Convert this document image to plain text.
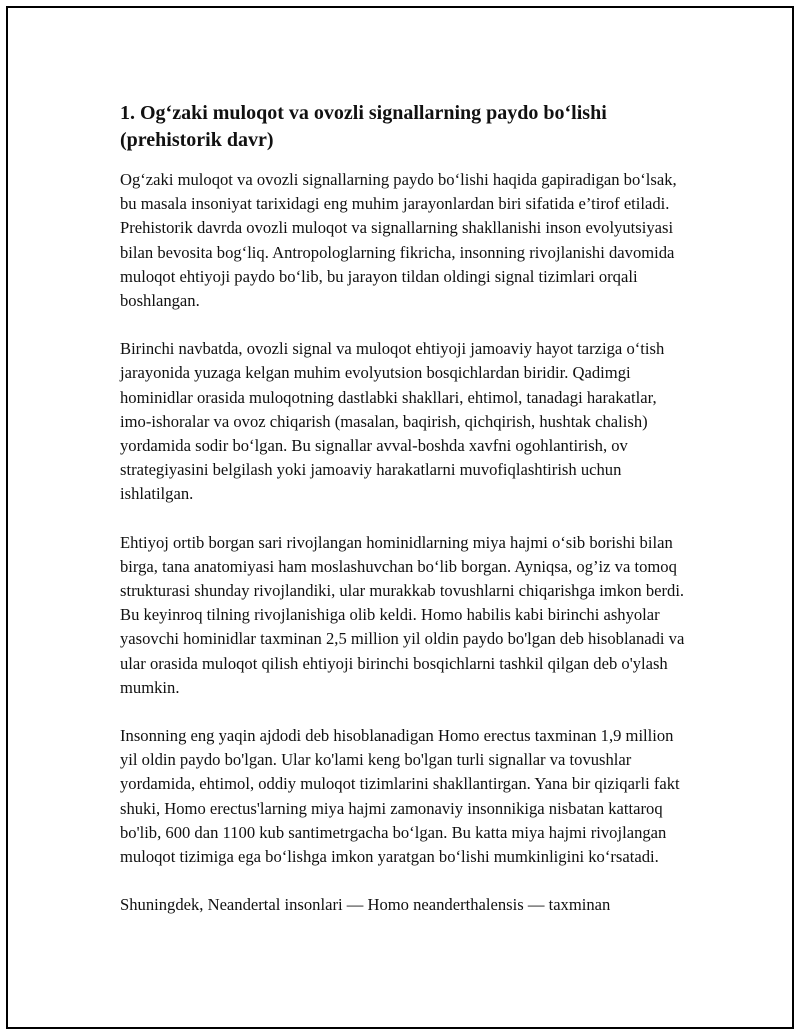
1. Og‘zaki muloqot va ovozli signallarning paydo bo‘lishi (prehistorik davr)

Og‘zaki muloqot va ovozli signallarning paydo bo‘lishi haqida gapiradigan bo‘lsak, bu masala insoniyat tarixidagi eng muhim jarayonlardan biri sifatida e’tirof etiladi. Prehistorik davrda ovozli muloqot va signallarning shakllanishi inson evolyutsiyasi bilan bevosita bog‘liq. Antropologlarning fikricha, insonning rivojlanishi davomida muloqot ehtiyoji paydo bo‘lib, bu jarayon tildan oldingi signal tizimlari orqali boshlangan.

Birinchi navbatda, ovozli signal va muloqot ehtiyoji jamoaviy hayot tarziga o‘tish jarayonida yuzaga kelgan muhim evolyutsion bosqichlardan biridir. Qadimgi hominidlar orasida muloqotning dastlabki shakllari, ehtimol, tanadagi harakatlar, imo-ishoralar va ovoz chiqarish (masalan, baqirish, qichqirish, hushtak chalish) yordamida sodir bo‘lgan. Bu signallar avval-boshda xavfni ogohlantirish, ov strategiyasini belgilash yoki jamoaviy harakatlarni muvofiqlashtirish uchun ishlatilgan.

Ehtiyoj ortib borgan sari rivojlangan hominidlarning miya hajmi o‘sib borishi bilan birga, tana anatomiyasi ham moslashuvchan bo‘lib borgan. Ayniqsa, og’iz va tomoq strukturasi shunday rivojlandiki, ular murakkab tovushlarni chiqarishga imkon berdi. Bu keyinroq tilning rivojlanishiga olib keldi. Homo habilis kabi birinchi ashyolar yasovchi hominidlar taxminan 2,5 million yil oldin paydo bo'lgan deb hisoblanadi va ular orasida muloqot qilish ehtiyoji birinchi bosqichlarni tashkil qilgan deb o'ylash mumkin.

Insonning eng yaqin ajdodi deb hisoblanadigan Homo erectus taxminan 1,9 million yil oldin paydo bo'lgan. Ular ko'lami keng bo'lgan turli signallar va tovushlar yordamida, ehtimol, oddiy muloqot tizimlarini shakllantirgan. Yana bir qiziqarli fakt shuki, Homo erectus'larning miya hajmi zamonaviy insonnikiga nisbatan kattaroq bo'lib, 600 dan 1100 kub santimetrgacha bo‘lgan. Bu katta miya hajmi rivojlangan muloqot tizimiga ega bo‘lishga imkon yaratgan bo‘lishi mumkinligini ko‘rsatadi.

Shuningdek, Neandertal insonlari — Homo neanderthalensis — taxminan
